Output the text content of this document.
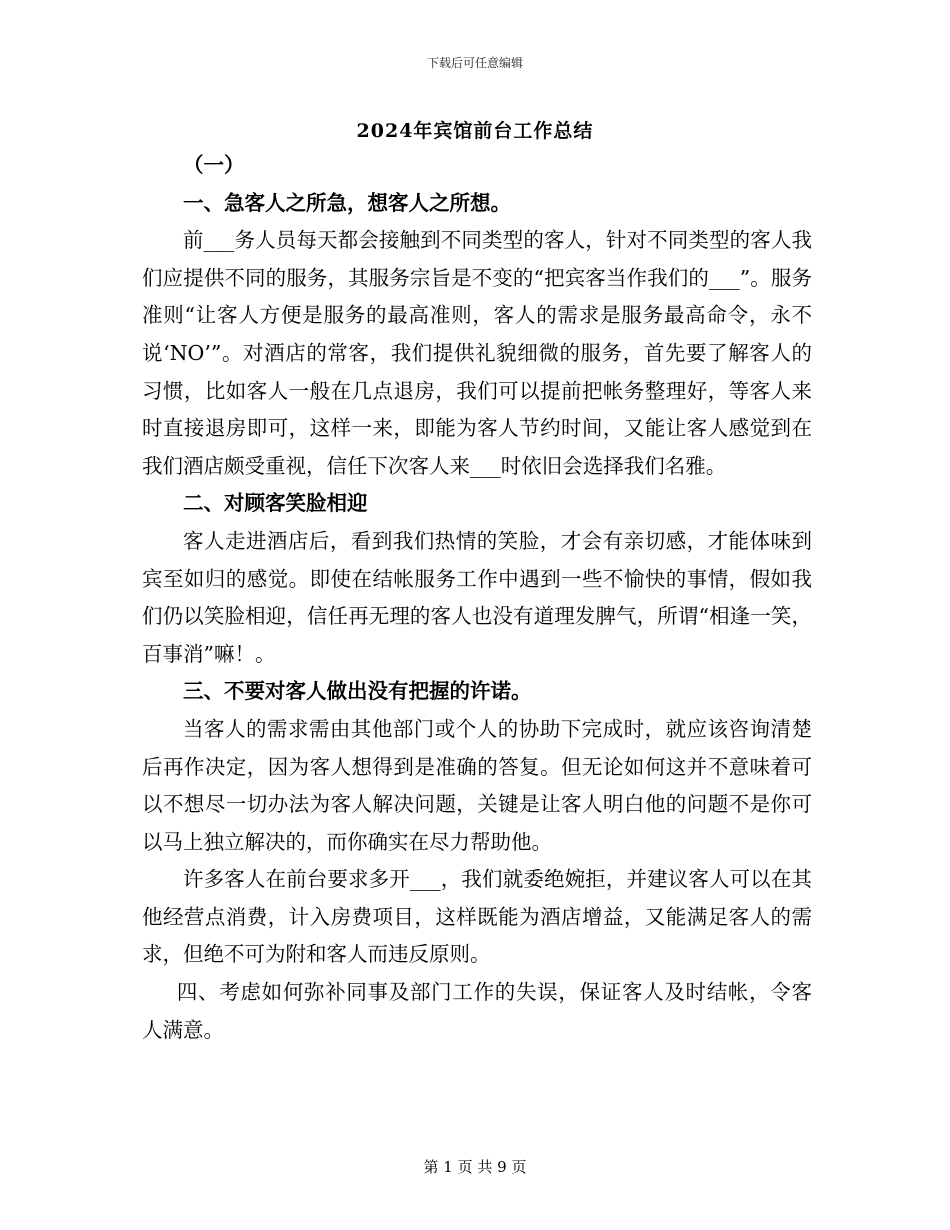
下载后可任意编辑
2024年宾馆前台工作总结

（一）

一、急客人之所急，想客人之所想。

前___务人员每天都会接触到不同类型的客人，针对不同类型的客人我们应提供不同的服务，其服务宗旨是不变的“把宾客当作我们的___”。服务准则“让客人方便是服务的最高准则，客人的需求是服务最高命令，永不说‘NO’”。对酒店的常客，我们提供礼貌细微的服务，首先要了解客人的习惯，比如客人一般在几点退房，我们可以提前把帐务整理好，等客人来时直接退房即可，这样一来，即能为客人节约时间，又能让客人感觉到在我们酒店颇受重视，信任下次客人来___时依旧会选择我们名雅。

二、对顾客笑脸相迎

客人走进酒店后，看到我们热情的笑脸，才会有亲切感，才能体味到宾至如归的感觉。即使在结帐服务工作中遇到一些不愉快的事情，假如我们仍以笑脸相迎，信任再无理的客人也没有道理发脾气，所谓“相逢一笑，百事消”嘛！。

三、不要对客人做出没有把握的许诺。

当客人的需求需由其他部门或个人的协助下完成时，就应该咨询清楚后再作决定，因为客人想得到是准确的答复。但无论如何这并不意味着可以不想尽一切办法为客人解决问题，关键是让客人明白他的问题不是你可以马上独立解决的，而你确实在尽力帮助他。

许多客人在前台要求多开___，我们就委绝婉拒，并建议客人可以在其他经营点消费，计入房费项目，这样既能为酒店增益，又能满足客人的需求，但绝不可为附和客人而违反原则。

四、考虑如何弥补同事及部门工作的失误，保证客人及时结帐，令客人满意。

第 1 页 共 9 页
